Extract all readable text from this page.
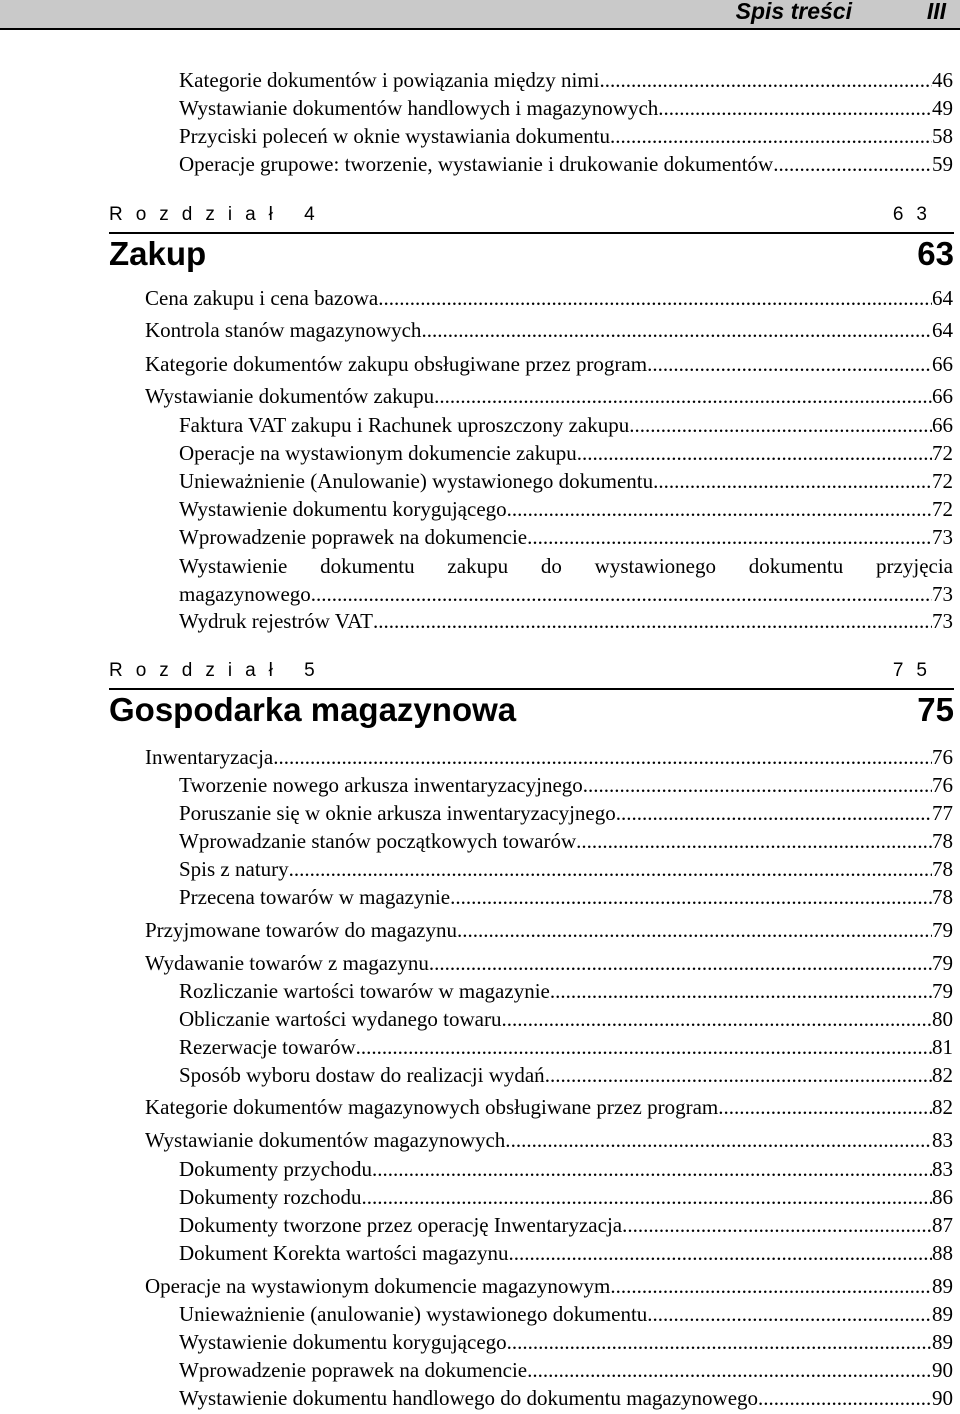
Spis treści	III
Kategorie dokumentów i powiązania między nimi .....	46
Wystawianie dokumentów handlowych i magazynowych. .....	49
Przyciski poleceń w oknie wystawiania dokumentu .....	58
Operacje grupowe: tworzenie, wystawianie i drukowanie dokumentów .....	59
Rozdział 4	63
Zakup	63
Cena zakupu i cena bazowa .....	64
Kontrola stanów magazynowych .....	64
Kategorie dokumentów zakupu obsługiwane przez program .....	66
Wystawianie dokumentów zakupu .....	66
Faktura VAT zakupu i Rachunek uproszczony zakupu .....	66
Operacje na wystawionym dokumencie zakupu .....	72
Unieważnienie (Anulowanie) wystawionego dokumentu .....	72
Wystawienie dokumentu korygującego .....	72
Wprowadzenie poprawek na dokumencie .....	73
Wystawienie dokumentu zakupu do wystawionego dokumentu przyjęcia
magazynowego .....	73
Wydruk rejestrów VAT .....	73
Rozdział 5	75
Gospodarka magazynowa	75
Inwentaryzacja .....	76
Tworzenie nowego arkusza inwentaryzacyjnego .....	76
Poruszanie się w oknie arkusza inwentaryzacyjnego .....	77
Wprowadzanie stanów początkowych towarów .....	78
Spis z natury .....	78
Przecena towarów w magazynie .....	78
Przyjmowane towarów do magazynu .....	79
Wydawanie towarów z magazynu .....	79
Rozliczanie wartości towarów w magazynie .....	79
Obliczanie wartości wydanego towaru. .....	80
Rezerwacje towarów .....	81
Sposób wyboru dostaw do realizacji wydań .....	82
Kategorie dokumentów magazynowych obsługiwane przez program .....	82
Wystawianie dokumentów magazynowych. .....	83
Dokumenty przychodu .....	83
Dokumenty rozchodu .....	86
Dokumenty tworzone przez operację Inwentaryzacja .....	87
Dokument Korekta wartości magazynu .....	88
Operacje na wystawionym dokumencie magazynowym .....	89
Unieważnienie (anulowanie) wystawionego dokumentu .....	89
Wystawienie dokumentu korygującego .....	89
Wprowadzenie poprawek na dokumencie .....	90
Wystawienie dokumentu handlowego do dokumentu magazynowego .....	90
